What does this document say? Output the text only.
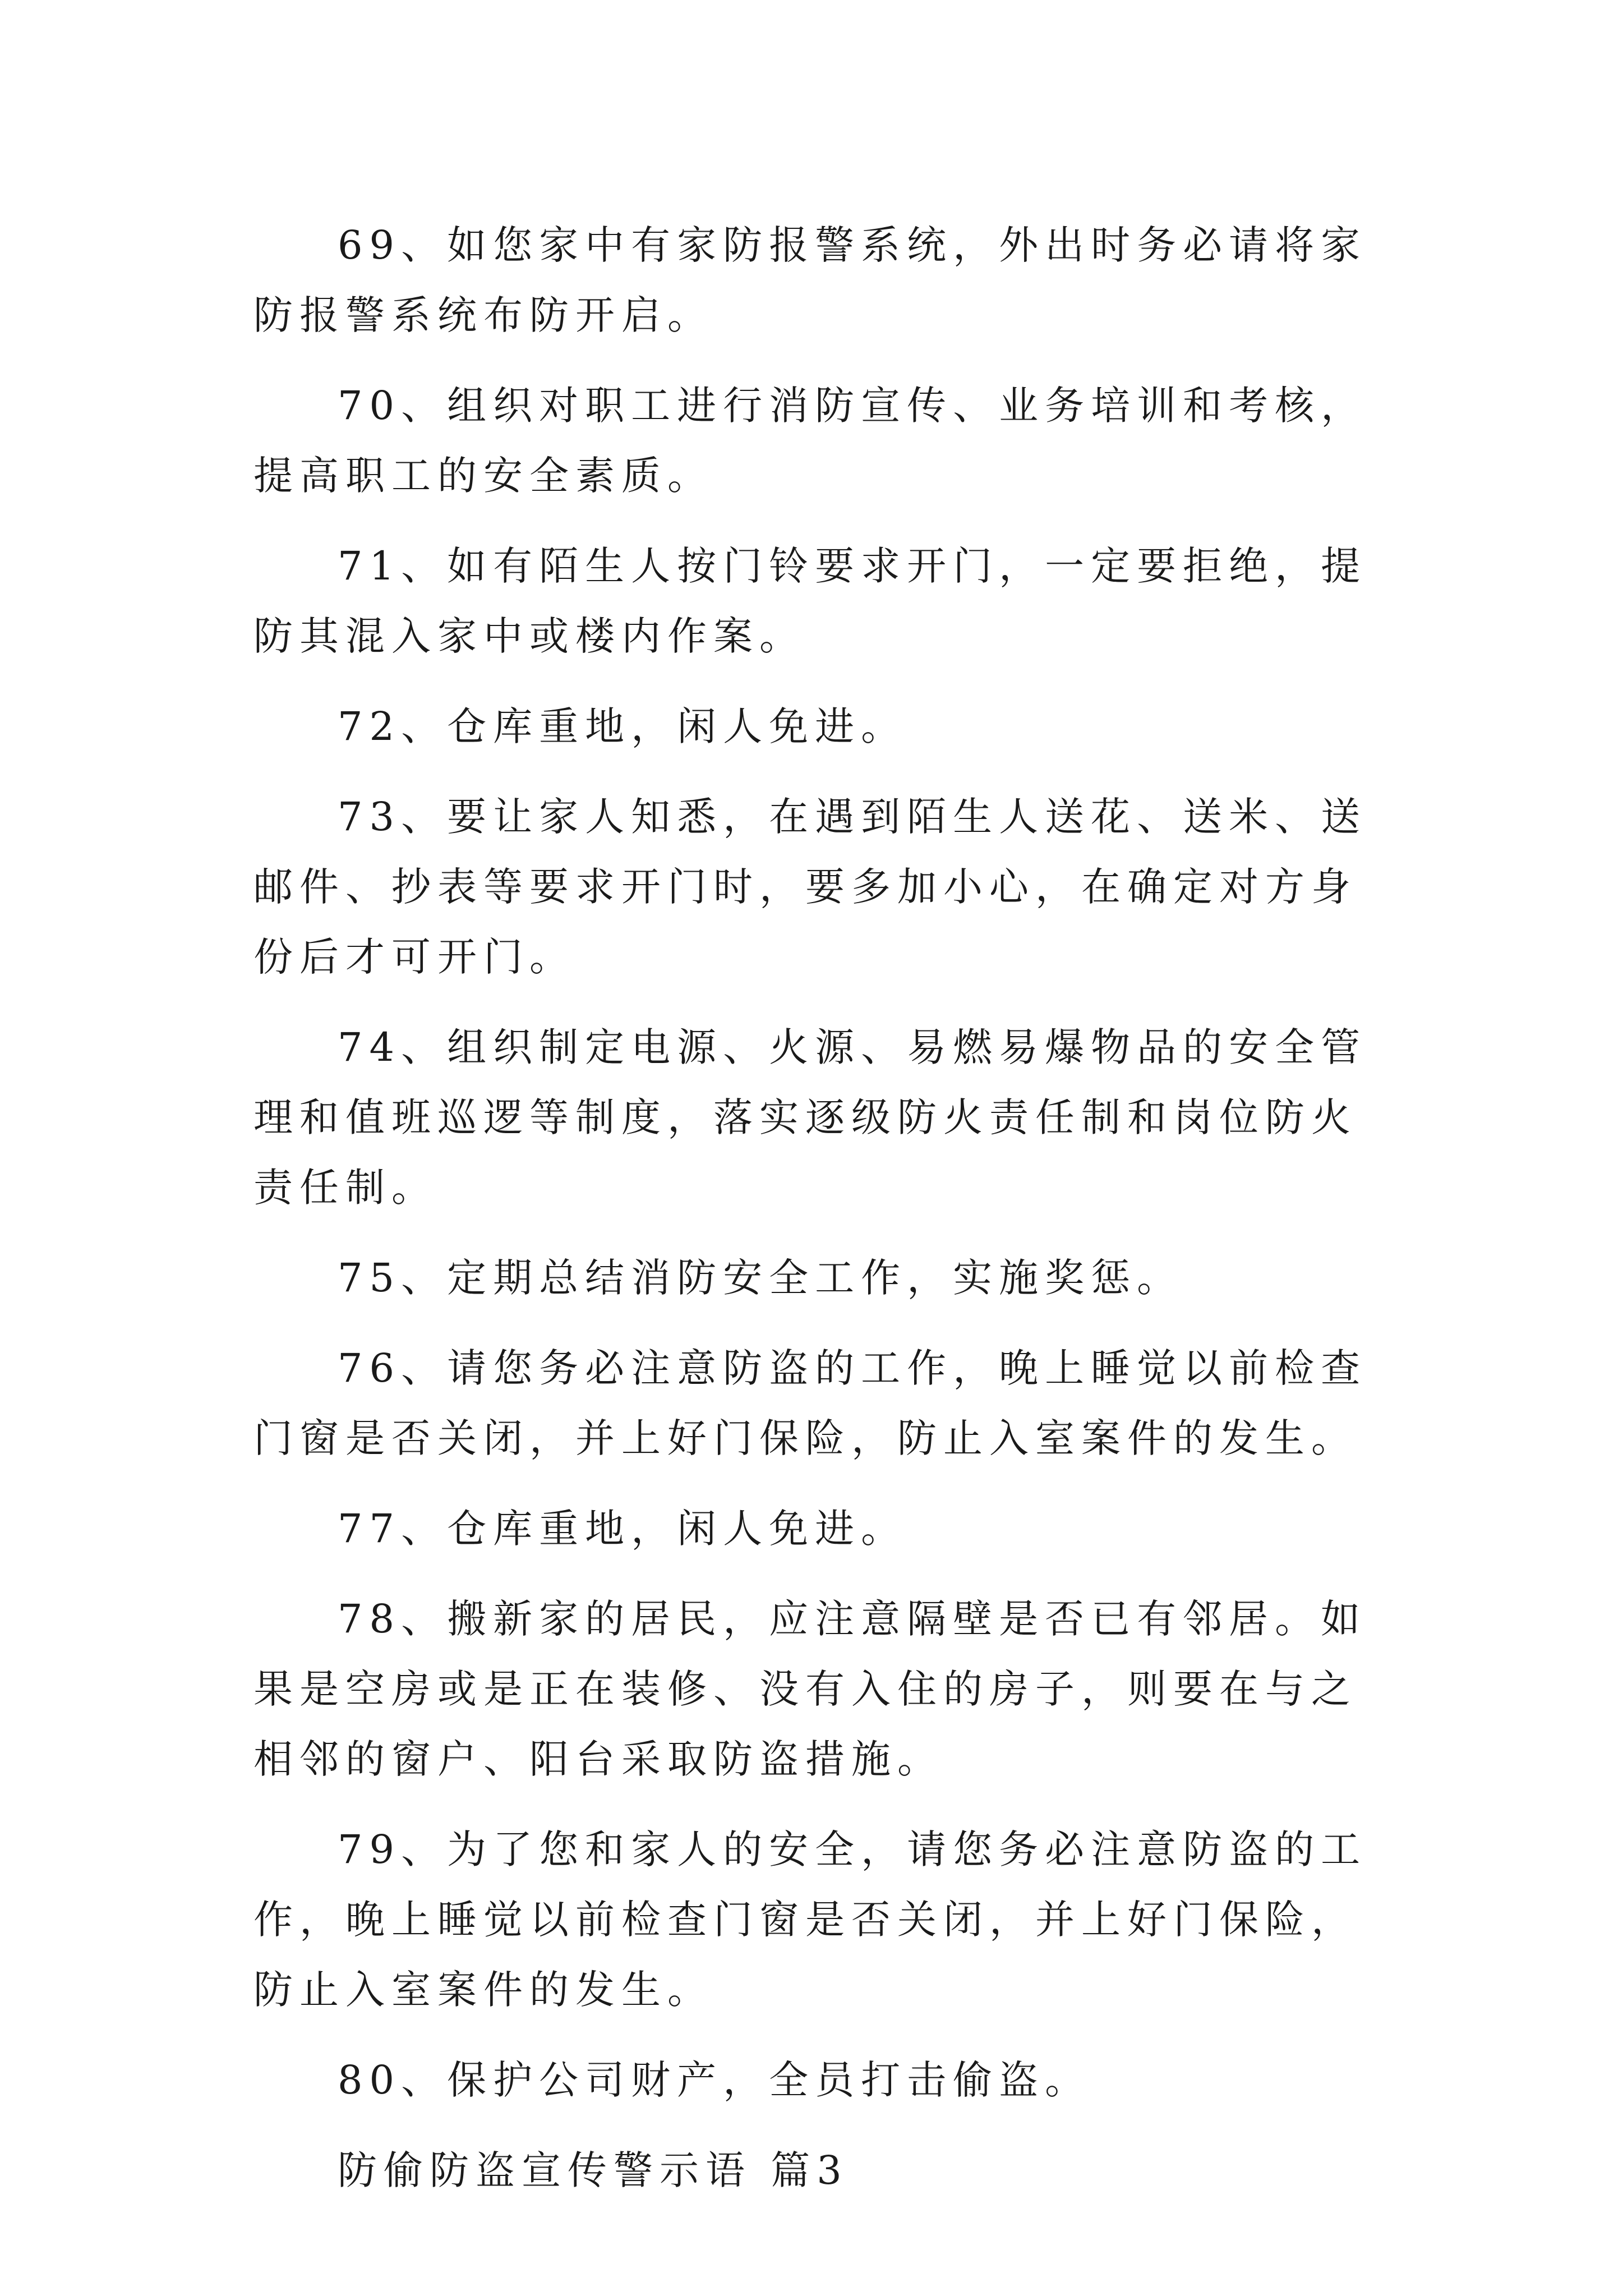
69、如您家中有家防报警系统，外出时务必请将家防报警系统布防开启。

70、组织对职工进行消防宣传、业务培训和考核，提高职工的安全素质。

71、如有陌生人按门铃要求开门，一定要拒绝，提防其混入家中或楼内作案。

72、仓库重地，闲人免进。

73、要让家人知悉，在遇到陌生人送花、送米、送邮件、抄表等要求开门时，要多加小心，在确定对方身份后才可开门。

74、组织制定电源、火源、易燃易爆物品的安全管理和值班巡逻等制度，落实逐级防火责任制和岗位防火责任制。

75、定期总结消防安全工作，实施奖惩。

76、请您务必注意防盗的工作，晚上睡觉以前检查门窗是否关闭，并上好门保险，防止入室案件的发生。

77、仓库重地，闲人免进。

78、搬新家的居民，应注意隔壁是否已有邻居。如果是空房或是正在装修、没有入住的房子，则要在与之相邻的窗户、阳台采取防盗措施。

79、为了您和家人的安全，请您务必注意防盗的工作，晚上睡觉以前检查门窗是否关闭，并上好门保险，防止入室案件的发生。

80、保护公司财产，全员打击偷盗。

防偷防盗宣传警示语 篇3
